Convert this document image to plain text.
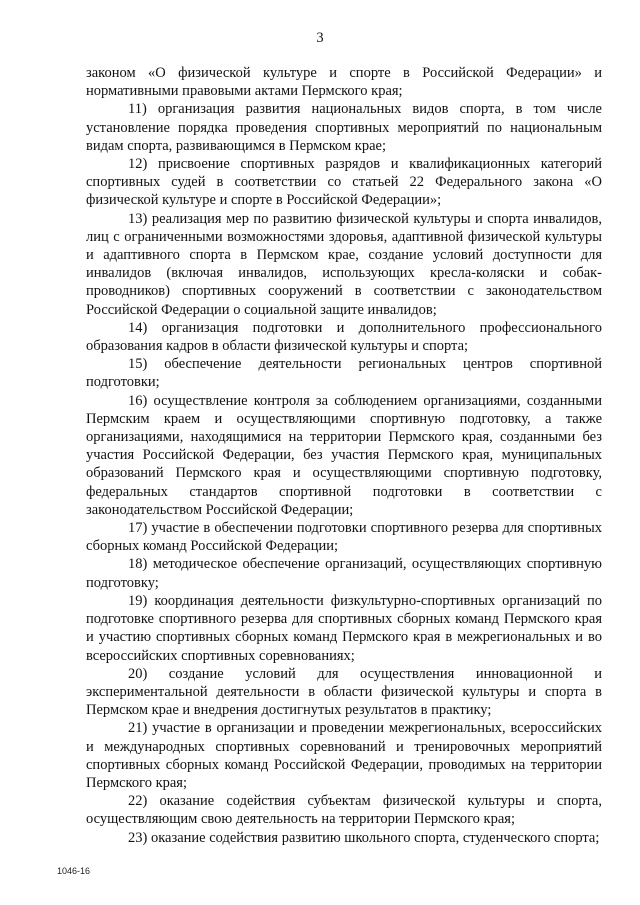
3

законом «О физической культуре и спорте в Российской Федерации» и нормативными правовыми актами Пермского края;

11) организация развития национальных видов спорта, в том числе установление порядка проведения спортивных мероприятий по национальным видам спорта, развивающимся в Пермском крае;

12) присвоение спортивных разрядов и квалификационных категорий спортивных судей в соответствии со статьей 22 Федерального закона «О физической культуре и спорте в Российской Федерации»;

13) реализация мер по развитию физической культуры и спорта инвалидов, лиц с ограниченными возможностями здоровья, адаптивной физической культуры и адаптивного спорта в Пермском крае, создание условий доступности для инвалидов (включая инвалидов, использующих кресла-коляски и собак-проводников) спортивных сооружений в соответствии с законодательством Российской Федерации о социальной защите инвалидов;

14) организация подготовки и дополнительного профессионального образования кадров в области физической культуры и спорта;

15) обеспечение деятельности региональных центров спортивной подготовки;

16) осуществление контроля за соблюдением организациями, созданными Пермским краем и осуществляющими спортивную подготовку, а также организациями, находящимися на территории Пермского края, созданными без участия Российской Федерации, без участия Пермского края, муниципальных образований Пермского края и осуществляющими спортивную подготовку, федеральных стандартов спортивной подготовки в соответствии с законодательством Российской Федерации;

17) участие в обеспечении подготовки спортивного резерва для спортивных сборных команд Российской Федерации;

18) методическое обеспечение организаций, осуществляющих спортивную подготовку;

19) координация деятельности физкультурно-спортивных организаций по подготовке спортивного резерва для спортивных сборных команд Пермского края и участию спортивных сборных команд Пермского края в межрегиональных и во всероссийских спортивных соревнованиях;

20) создание условий для осуществления инновационной и экспериментальной деятельности в области физической культуры и спорта в Пермском крае и внедрения достигнутых результатов в практику;

21) участие в организации и проведении межрегиональных, всероссийских и международных спортивных соревнований и тренировочных мероприятий спортивных сборных команд Российской Федерации, проводимых на территории Пермского края;

22) оказание содействия субъектам физической культуры и спорта, осуществляющим свою деятельность на территории Пермского края;

23) оказание содействия развитию школьного спорта, студенческого спорта;

1046-16
